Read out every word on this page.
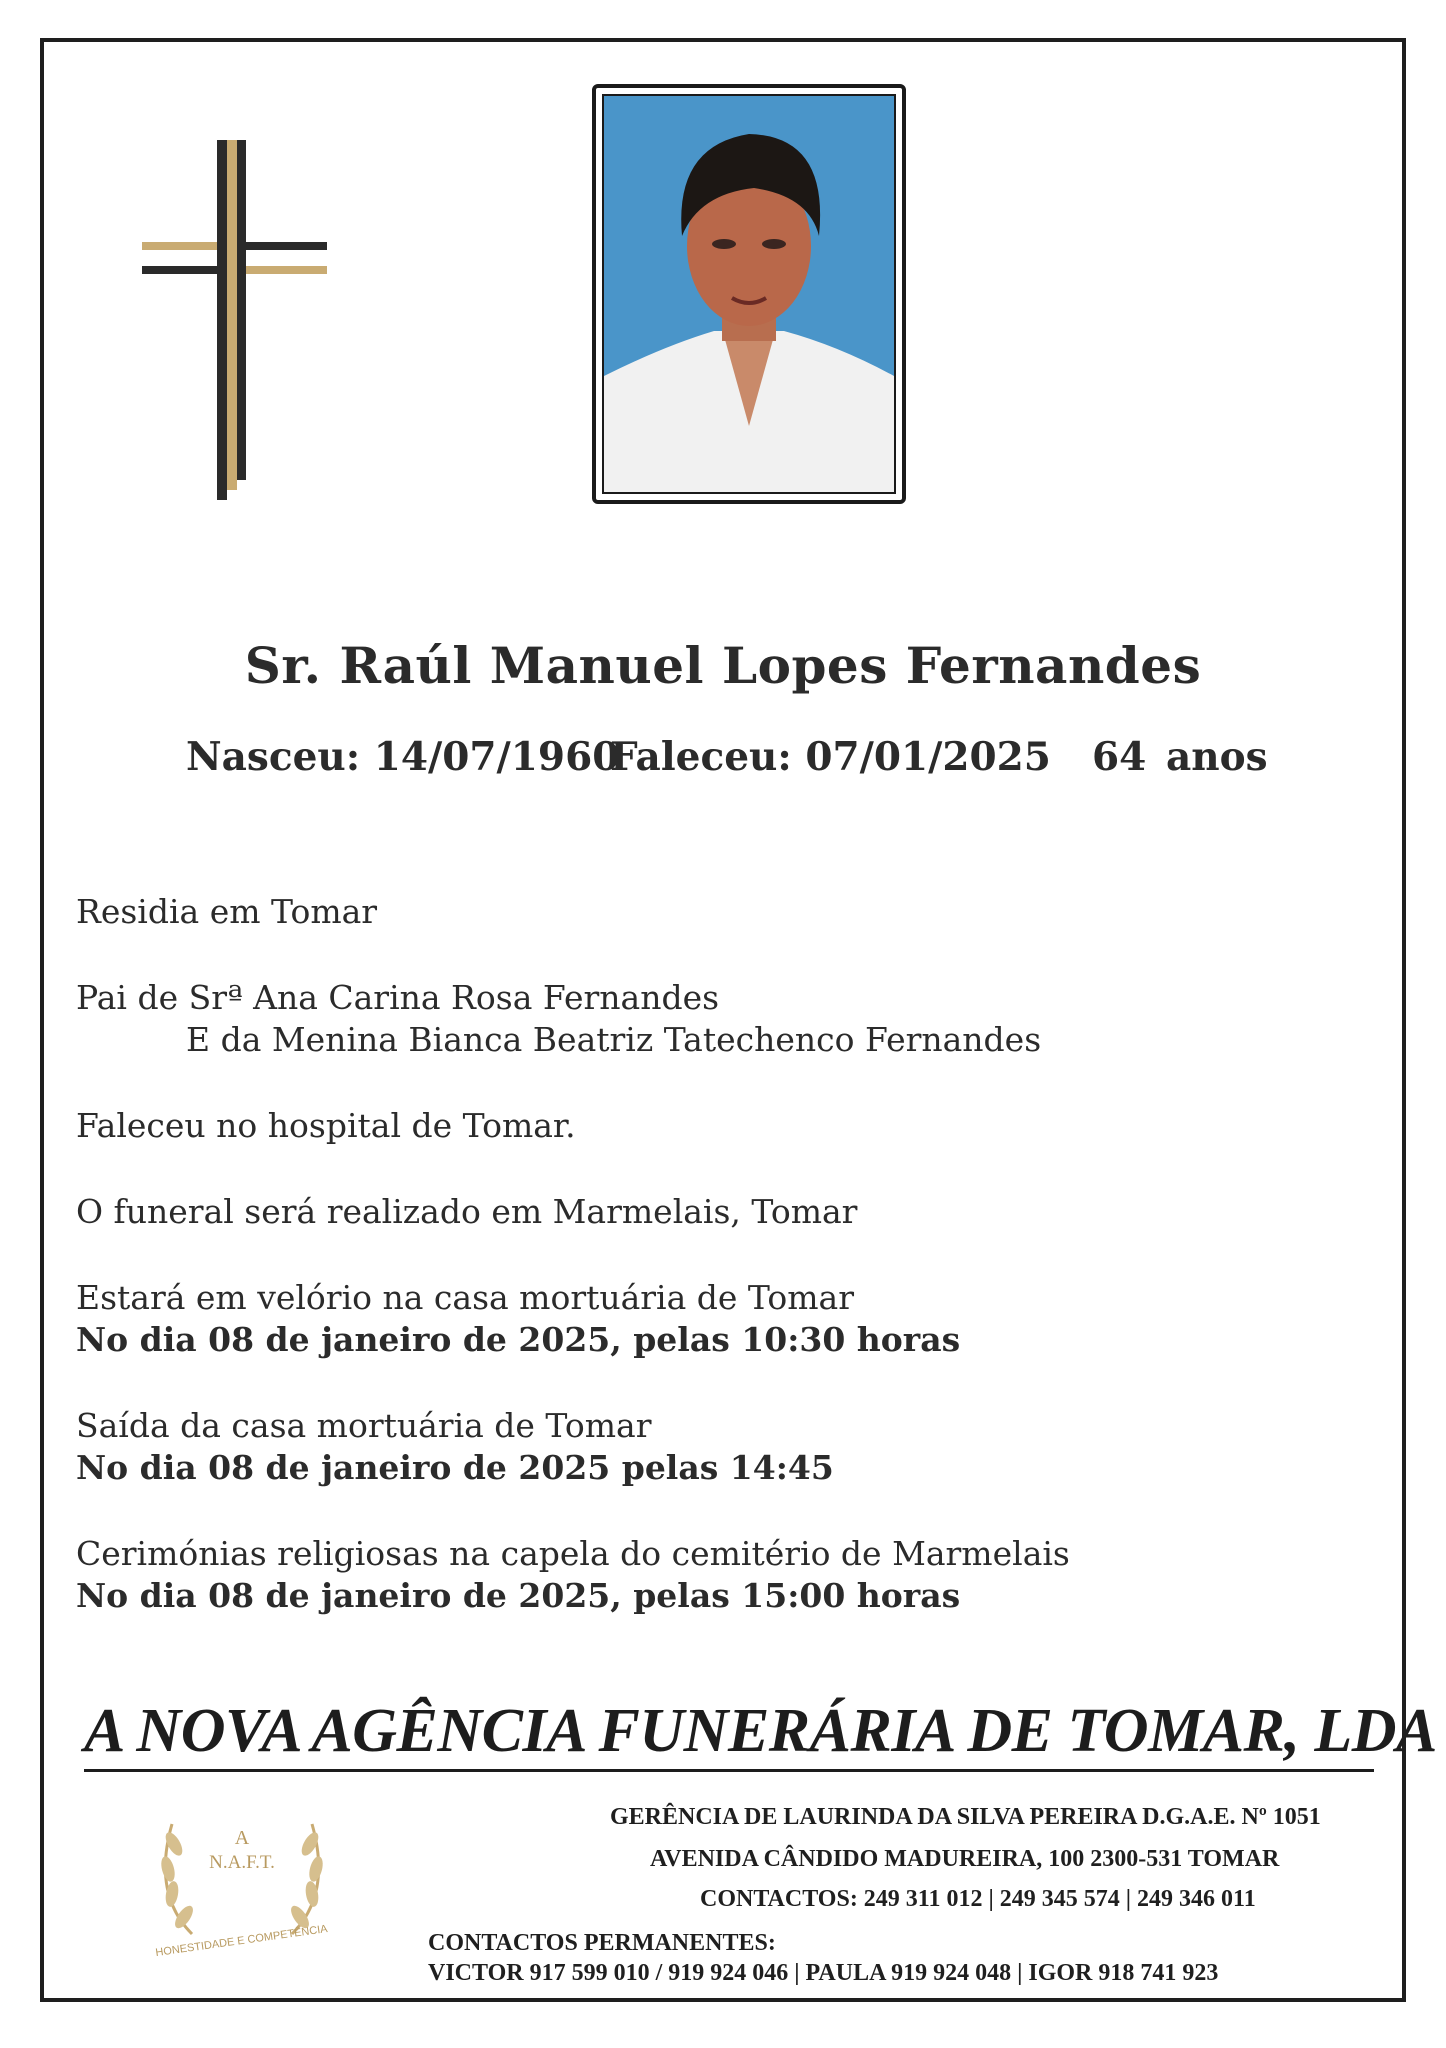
Sr. Raúl Manuel Lopes Fernandes
Nasceu: 14/07/1960
Faleceu: 07/01/2025 64 anos
Residia em Tomar
Pai de Srª Ana Carina Rosa Fernandes
E da Menina Bianca Beatriz Tatechenco Fernandes
Faleceu no hospital de Tomar.
O funeral será realizado em Marmelais, Tomar
Estará em velório na casa mortuária de Tomar
No dia 08 de janeiro de 2025, pelas 10:30 horas
Saída da casa mortuária de Tomar
No dia 08 de janeiro de 2025 pelas 14:45
Cerimónias religiosas na capela do cemitério de Marmelais
No dia 08 de janeiro de 2025, pelas 15:00 horas
A NOVA AGÊNCIA FUNERÁRIA DE TOMAR, LDA
A
N.A.F.T.
HONESTIDADE E COMPETÊNCIA
GERÊNCIA DE LAURINDA DA SILVA PEREIRA D.G.A.E. Nº 1051
AVENIDA CÂNDIDO MADUREIRA, 100 2300-531 TOMAR
CONTACTOS: 249 311 012 | 249 345 574 | 249 346 011
CONTACTOS PERMANENTES:
VICTOR 917 599 010 / 919 924 046 | PAULA 919 924 048 | IGOR 918 741 923
